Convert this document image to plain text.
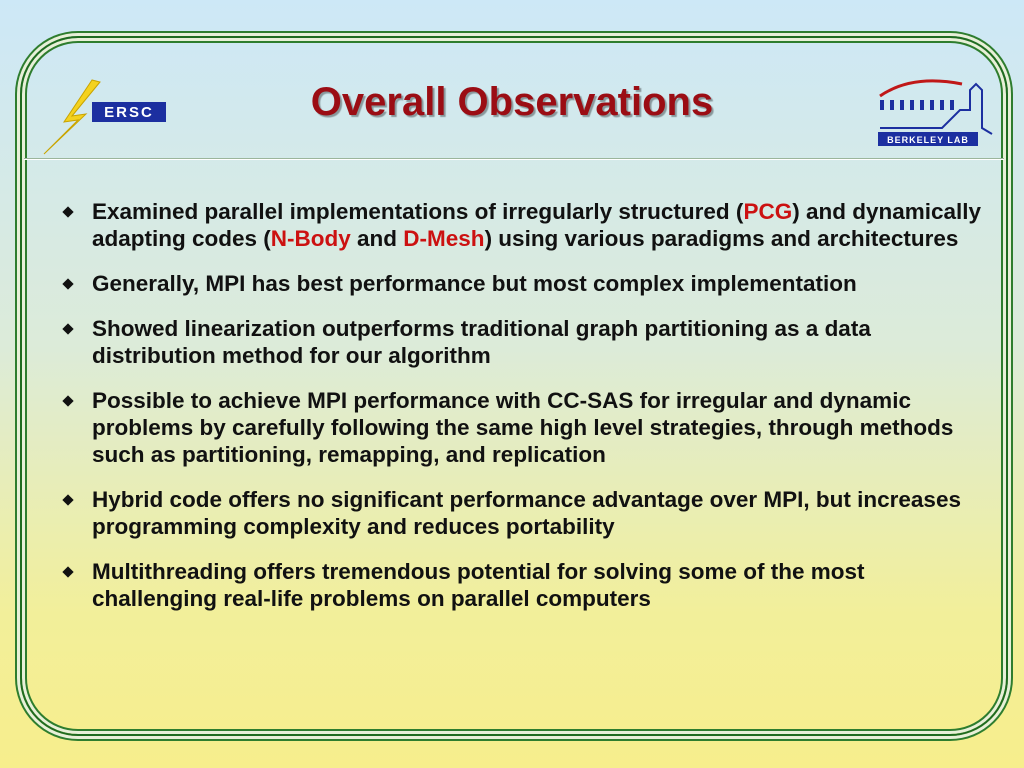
ERSC	Overall Observations
BERKELEY LAB
Examined parallel implementations of irregularly structured (PCG) and dynamically adapting codes (N-Body and D-Mesh) using various paradigms and architectures
Generally, MPI has best performance but most complex implementation
Showed linearization outperforms traditional graph partitioning as a data distribution method for our algorithm
Possible to achieve MPI performance with CC-SAS for irregular and dynamic problems by carefully following the same high level strategies, through methods such as partitioning, remapping, and replication
Hybrid code offers no significant performance advantage over MPI, but increases programming complexity and reduces portability
Multithreading offers tremendous potential for solving some of the most challenging real-life problems on parallel computers
